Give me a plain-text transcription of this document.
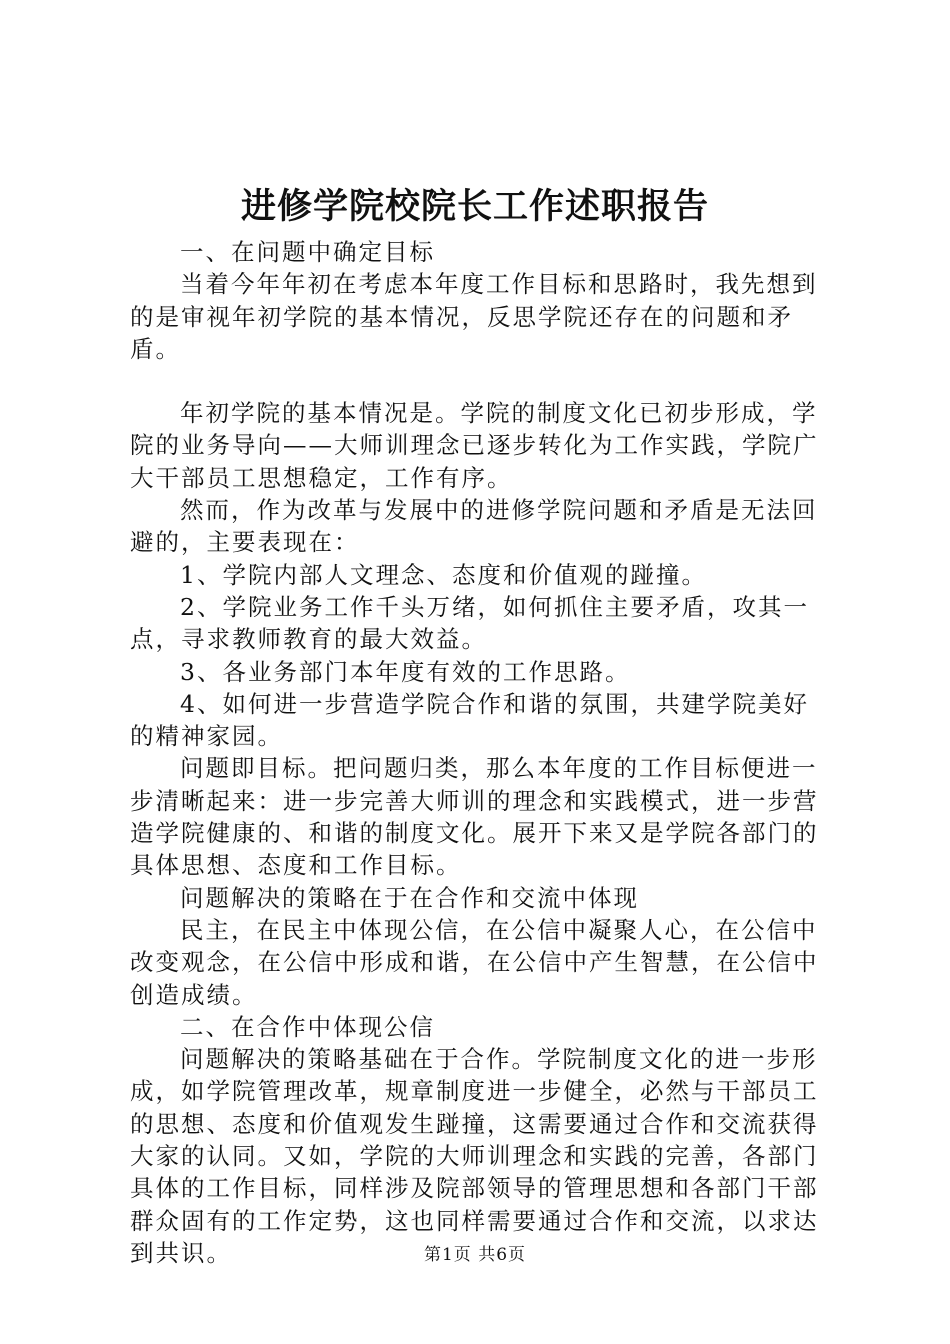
进修学院校院长工作述职报告

一、在问题中确定目标

当着今年年初在考虑本年度工作目标和思路时，我先想到的是审视年初学院的基本情况，反思学院还存在的问题和矛盾。

年初学院的基本情况是。学院的制度文化已初步形成，学院的业务导向——大师训理念已逐步转化为工作实践，学院广大干部员工思想稳定，工作有序。

然而，作为改革与发展中的进修学院问题和矛盾是无法回避的，主要表现在：

1、学院内部人文理念、态度和价值观的踫撞。

2、学院业务工作千头万绪，如何抓住主要矛盾，攻其一点，寻求教师教育的最大效益。

3、各业务部门本年度有效的工作思路。

4、如何进一步营造学院合作和谐的氛围，共建学院美好的精神家园。

问题即目标。把问题归类，那么本年度的工作目标便进一步清晰起来：进一步完善大师训的理念和实践模式，进一步营造学院健康的、和谐的制度文化。展开下来又是学院各部门的具体思想、态度和工作目标。

问题解决的策略在于在合作和交流中体现

民主，在民主中体现公信，在公信中凝聚人心，在公信中改变观念，在公信中形成和谐，在公信中产生智慧，在公信中创造成绩。

二、在合作中体现公信

问题解决的策略基础在于合作。学院制度文化的进一步形成，如学院管理改革，规章制度进一步健全，必然与干部员工的思想、态度和价值观发生踫撞，这需要通过合作和交流获得大家的认同。又如，学院的大师训理念和实践的完善，各部门具体的工作目标，同样涉及院部领导的管理思想和各部门干部群众固有的工作定势，这也同样需要通过合作和交流，以求达到共识。	第1页 共6页
